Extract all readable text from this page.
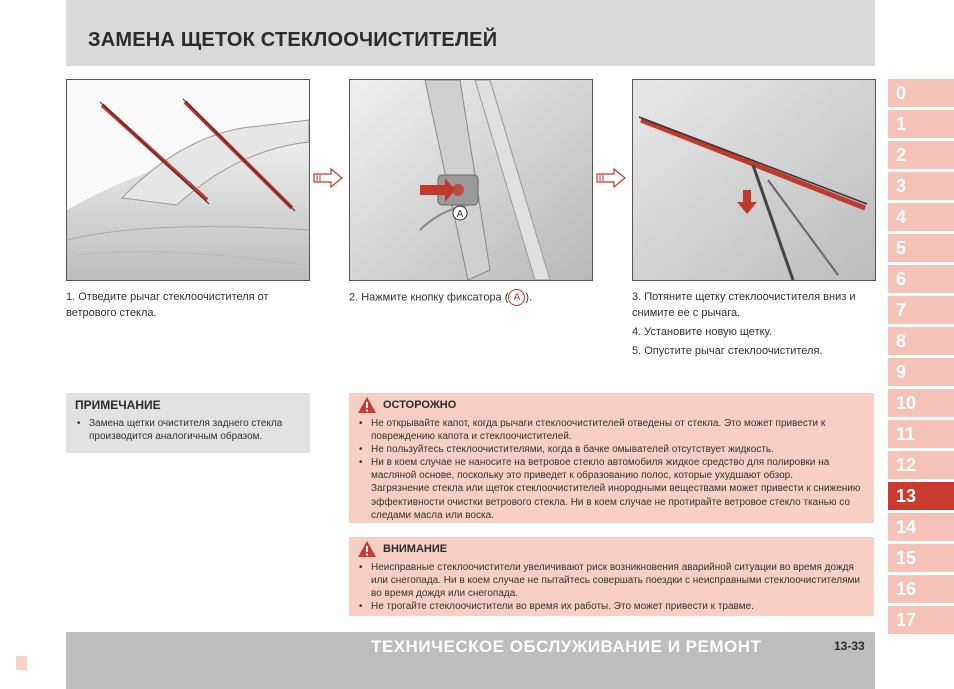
ЗАМЕНА ЩЕТОК СТЕКЛООЧИСТИТЕЛЕЙ
A

1. Отведите рычаг стеклоочистителя от ветрового стекла.

2. Нажмите кнопку фиксатора ( A ).	3. Потяните щетку стеклоочистителя вниз и снимите ее с рычага.

4. Установите новую щетку.

5. Опустите рычаг стеклоочистителя.

ПРИМЕЧАНИЕ
• Замена щетки очистителя заднего стекла производится аналогичным образом.
ОСТОРОЖНО
• Не открывайте капот, когда рычаги стеклоочистителей отведены от стекла. Это может привести к повреждению капота и стеклоочистителей.
• Не пользуйтесь стеклоочистителями, когда в бачке омывателей отсутствует жидкость.
• Ни в коем случае не наносите на ветровое стекло автомобиля жидкое средство для полировки на масляной основе, поскольку это приведет к образованию полос, которые ухудшают обзор.
Загрязнение стекла или щеток стеклоочистителей инородными веществами может привести к снижению эффективности очистки ветрового стекла. Ни в коем случае не протирайте ветровое стекло тканью со следами масла или воска.
ВНИМАНИЕ
• Неисправные стеклоочистители увеличивают риск возникновения аварийной ситуации во время дождя или снегопада. Ни в коем случае не пытайтесь совершать поездки с неисправными стеклоочистителями во время дождя или снегопада.
• Не трогайте стеклоочистители во время их работы. Это может привести к травме.
ТЕХНИЧЕСКОЕ ОБСЛУЖИВАНИЕ И РЕМОНТ	13-33
0
1
2
3
4
5
6
7
8
9
10
11
12
13
14
15
16
17
